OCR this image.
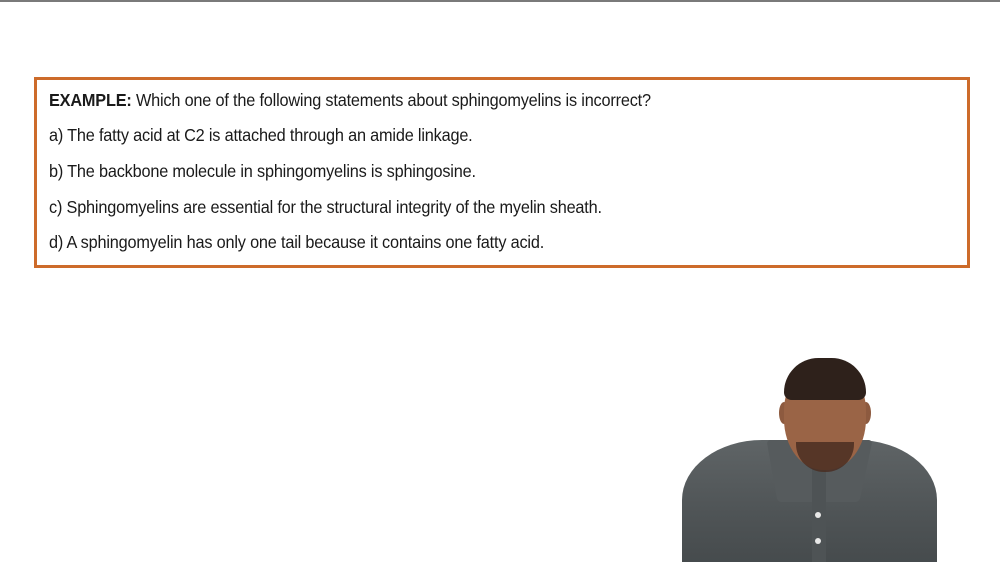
EXAMPLE: Which one of the following statements about sphingomyelins is incorrect?
a) The fatty acid at C2 is attached through an amide linkage.
b) The backbone molecule in sphingomyelins is sphingosine.
c) Sphingomyelins are essential for the structural integrity of the myelin sheath.
d) A sphingomyelin has only one tail because it contains one fatty acid.
